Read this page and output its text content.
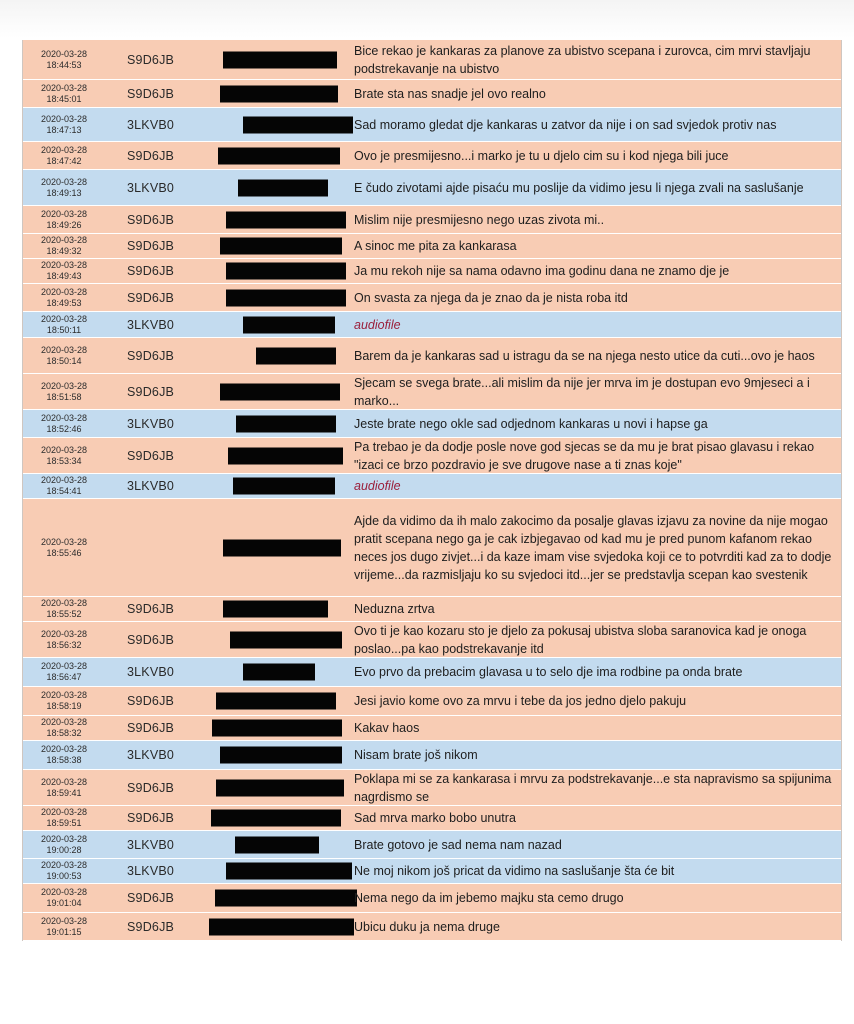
2020-03-28
18:44:53	S9D6JB
Bice rekao je kankaras za planove za ubistvo scepana i zurovca, cim mrvi stavljaju podstrekavanje na ubistvo
2020-03-28
18:45:01	S9D6JB	Brate sta nas snadje jel ovo realno
2020-03-28
18:47:13	3LKVB0	Sad moramo gledat dje kankaras u zatvor da nije i on sad svjedok protiv nas
2020-03-28
18:47:42	S9D6JB	Ovo je presmijesno...i marko je tu u djelo cim su i kod njega bili juce
2020-03-28
18:49:13	3LKVB0	E čudo zivotami ajde pisaću mu poslije da vidimo jesu li njega zvali na saslušanje
2020-03-28
18:49:26	S9D6JB	Mislim nije presmijesno nego uzas zivota mi..
2020-03-28
18:49:32	S9D6JB	A sinoc me pita za kankarasa
2020-03-28
18:49:43	S9D6JB	Ja mu rekoh nije sa nama odavno ima godinu dana ne znamo dje je
2020-03-28
18:49:53	S9D6JB	On svasta za njega da je znao da je nista roba itd
2020-03-28
18:50:11	3LKVB0	audiofile
2020-03-28
18:50:14	S9D6JB	Barem da je kankaras sad u istragu da se na njega nesto utice da cuti...ovo je haos
2020-03-28
18:51:58	S9D6JB
Sjecam se svega brate...ali mislim da nije jer mrva im je dostupan evo 9mjeseci a i marko...
2020-03-28
18:52:46	3LKVB0	Jeste brate nego okle sad odjednom kankaras u novi i hapse ga
2020-03-28
18:53:34	S9D6JB
Pa trebao je da dodje posle nove god sjecas se da mu je brat pisao glavasu i rekao "izaci ce brzo pozdravio je sve drugove nase a ti znas koje"
2020-03-28
18:54:41	3LKVB0	audiofile
2020-03-28
18:55:46
Ajde da vidimo da ih malo zakocimo da posalje glavas izjavu za novine da nije mogao pratit scepana nego ga je cak izbjegavao od kad mu je pred punom kafanom rekao neces jos dugo zivjet...i da kaze imam vise svjedoka koji ce to potvrditi kad za to dodje vrijeme...da razmisljaju ko su svjedoci itd...jer se predstavlja scepan kao svestenik
2020-03-28
18:55:52	S9D6JB	Neduzna zrtva
2020-03-28
18:56:32	S9D6JB
Ovo ti je kao kozaru sto je djelo za pokusaj ubistva sloba saranovica kad je onoga poslao...pa kao podstrekavanje itd
2020-03-28
18:56:47	3LKVB0	Evo prvo da prebacim glavasa u to selo dje ima rodbine pa onda brate
2020-03-28
18:58:19	S9D6JB	Jesi javio kome ovo za mrvu i tebe da jos jedno djelo pakuju
2020-03-28
18:58:32	S9D6JB	Kakav haos
2020-03-28
18:58:38	3LKVB0	Nisam brate još nikom
2020-03-28
18:59:41	S9D6JB
Poklapa mi se za kankarasa i mrvu za podstrekavanje...e sta napravismo sa spijunima nagrdismo se
2020-03-28
18:59:51	S9D6JB	Sad mrva marko bobo unutra
2020-03-28
19:00:28	3LKVB0	Brate gotovo je sad nema nam nazad
2020-03-28
19:00:53	3LKVB0	Ne moj nikom još pricat da vidimo na saslušanje šta će bit
2020-03-28
19:01:04	S9D6JB	Nema nego da im jebemo majku sta cemo drugo
2020-03-28
19:01:15	S9D6JB	Ubicu duku ja nema druge
